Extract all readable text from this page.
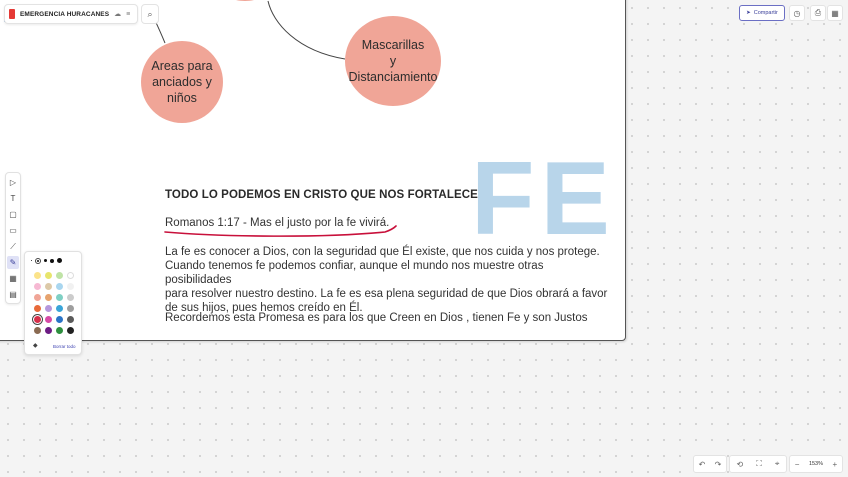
Areas para
anciados y
niños
Mascarillas
y
Distanciamiento
FE
TODO LO PODEMOS EN CRISTO QUE NOS FORTALECE
Romanos 1:17 - Mas el justo por la fe vivirá.
La fe es conocer a Dios, con la seguridad que Él existe, que nos cuida y nos protege.
Cuando tenemos fe podemos confiar, aunque el mundo nos muestre otras posibilidades
para resolver nuestro destino. La fe es esa plena seguridad de que Dios obrará a favor
de sus hijos, pues hemos creído en Él.
Recordemos esta Promesa es para los que Creen en Dios , tienen Fe y son Justos
EMERGENCIA HURACANES ☁ ≡ ⌕	➤ Compartir ◷ ⎙ ▦
▷
T
▢
▭
⟋
✎
▦
▤
◆	Borrar todo
↶ ↷ ⟲ ⛶ ⌖ − 153% +
